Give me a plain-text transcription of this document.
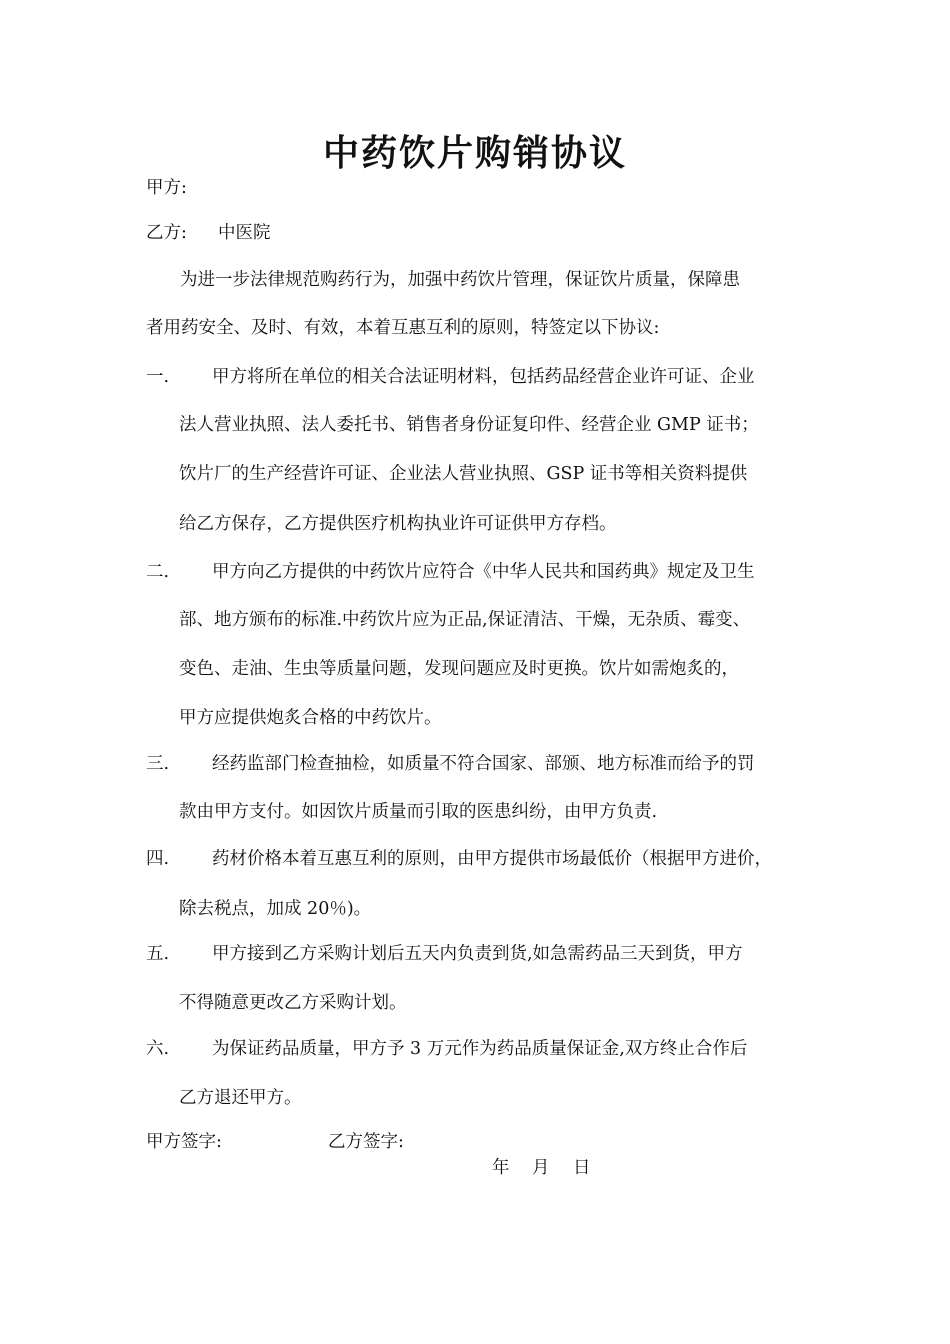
中药饮片购销协议
甲方:
乙方: 中医院
为进一步法律规范购药行为，加强中药饮片管理，保证饮片质量，保障患
者用药安全、及时、有效，本着互惠互利的原则，特签定以下协议:
一. 甲方将所在单位的相关合法证明材料，包括药品经营企业许可证、企业
法人营业执照、法人委托书、销售者身份证复印件、经营企业 GMP 证书；
饮片厂的生产经营许可证、企业法人营业执照、GSP 证书等相关资料提供
给乙方保存，乙方提供医疗机构执业许可证供甲方存档。
二. 甲方向乙方提供的中药饮片应符合《中华人民共和国药典》规定及卫生
部、地方颁布的标准.中药饮片应为正品,保证清洁、干燥，无杂质、霉变、
变色、走油、生虫等质量问题，发现问题应及时更换。饮片如需炮炙的，
甲方应提供炮炙合格的中药饮片。
三. 经药监部门检查抽检，如质量不符合国家、部颁、地方标准而给予的罚
款由甲方支付。如因饮片质量而引取的医患纠纷，由甲方负责.
四. 药材价格本着互惠互利的原则，由甲方提供市场最低价（根据甲方进价，
除去税点，加成 20％)。
五. 甲方接到乙方采购计划后五天内负责到货,如急需药品三天到货，甲方
不得随意更改乙方采购计划。
六. 为保证药品质量，甲方予 3 万元作为药品质量保证金,双方终止合作后
乙方退还甲方。
甲方签字:	乙方签字:
年 月 日
